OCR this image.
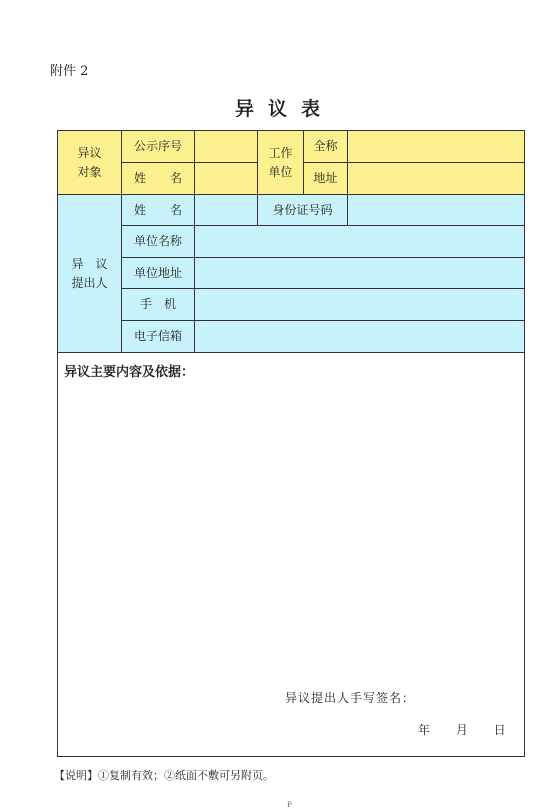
附件 2
异议表
异议
对象
公示序号
姓　　名
工作
单位
全称
地址
异　议
提出人
姓　　名	身份证号码
单位名称
单位地址
手　机
电子信箱
异议主要内容及依据：
异议提出人手写签名：
年 月 日
【说明】①复制有效；②纸面不敷可另附页。
P
